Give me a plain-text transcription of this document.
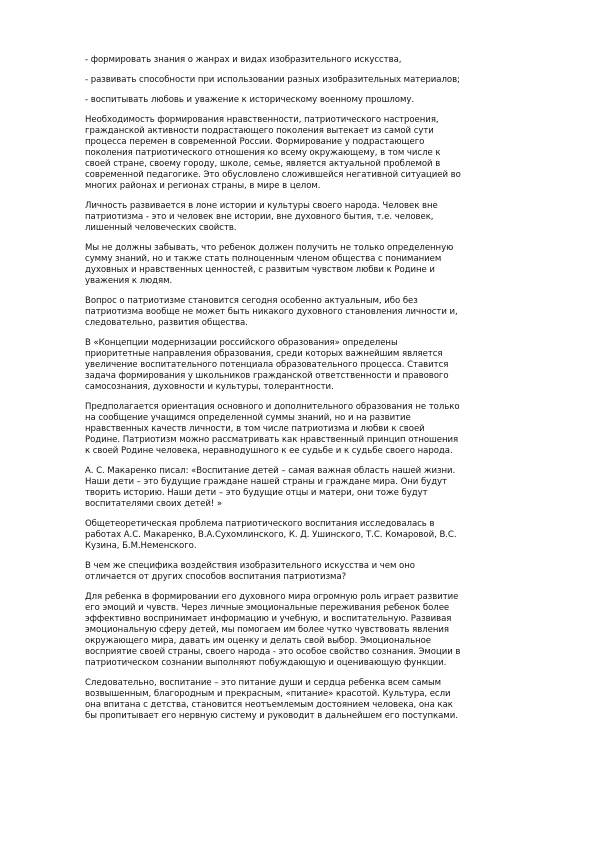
- формировать знания о жанрах и видах изобразительного искусства,

- развивать способности при использовании разных изобразительных материалов;

- воспитывать любовь и уважение к историческому военному прошлому.

Необходимость формирования нравственности, патриотического настроения,
гражданской активности подрастающего поколения вытекает из самой сути
процесса перемен в современной России. Формирование у подрастающего
поколения патриотического отношения ко всему окружающему, в том числе к
своей стране, своему городу, школе, семье, является актуальной проблемой в
современной педагогике. Это обусловлено сложившейся негативной ситуацией во
многих районах и регионах страны, в мире в целом.

Личность развивается в лоне истории и культуры своего народа. Человек вне
патриотизма - это и человек вне истории, вне духовного бытия, т.е. человек,
лишенный человеческих свойств.

Мы не должны забывать, что ребенок должен получить не только определенную
сумму знаний, но и также стать полноценным членом общества с пониманием
духовных и нравственных ценностей, с развитым чувством любви к Родине и
уважения к людям.

Вопрос о патриотизме становится сегодня особенно актуальным, ибо без
патриотизма вообще не может быть никакого духовного становления личности и,
следовательно, развития общества.

В «Концепции модернизации российского образования» определены
приоритетные направления образования, среди которых важнейшим является
увеличение воспитательного потенциала образовательного процесса. Ставится
задача формирования у школьников гражданской ответственности и правового
самосознания, духовности и культуры, толерантности.

Предполагается ориентация основного и дополнительного образования не только
на сообщение учащимся определенной суммы знаний, но и на развитие
нравственных качеств личности, в том числе патриотизма и любви к своей
Родине. Патриотизм можно рассматривать как нравственный принцип отношения
к своей Родине человека, неравнодушного к ее судьбе и к судьбе своего народа.

А. С. Макаренко писал: «Воспитание детей – самая важная область нашей жизни.
Наши дети – это будущие граждане нашей страны и граждане мира. Они будут
творить историю. Наши дети – это будущие отцы и матери, они тоже будут
воспитателями своих детей! »

Общетеоретическая проблема патриотического воспитания исследовалась в
работах А.С. Макаренко, В.А.Сухомлинского, К. Д. Ушинского, Т.С. Комаровой, В.С.
Кузина, Б.М.Неменского.

В чем же специфика воздействия изобразительного искусства и чем оно
отличается от других способов воспитания патриотизма?

Для ребенка в формировании его духовного мира огромную роль играет развитие
его эмоций и чувств. Через личные эмоциональные переживания ребенок более
эффективно воспринимает информацию и учебную, и воспитательную. Развивая
эмоциональную сферу детей, мы помогаем им более чутко чувствовать явления
окружающего мира, давать им оценку и делать свой выбор. Эмоциональное
восприятие своей страны, своего народа - это особое свойство сознания. Эмоции в
патриотическом сознании выполняют побуждающую и оценивающую функции.

Следовательно, воспитание – это питание души и сердца ребенка всем самым
возвышенным, благородным и прекрасным, «питание» красотой. Культура, если
она впитана с детства, становится неотъемлемым достоянием человека, она как
бы пропитывает его нервную систему и руководит в дальнейшем его поступками.
